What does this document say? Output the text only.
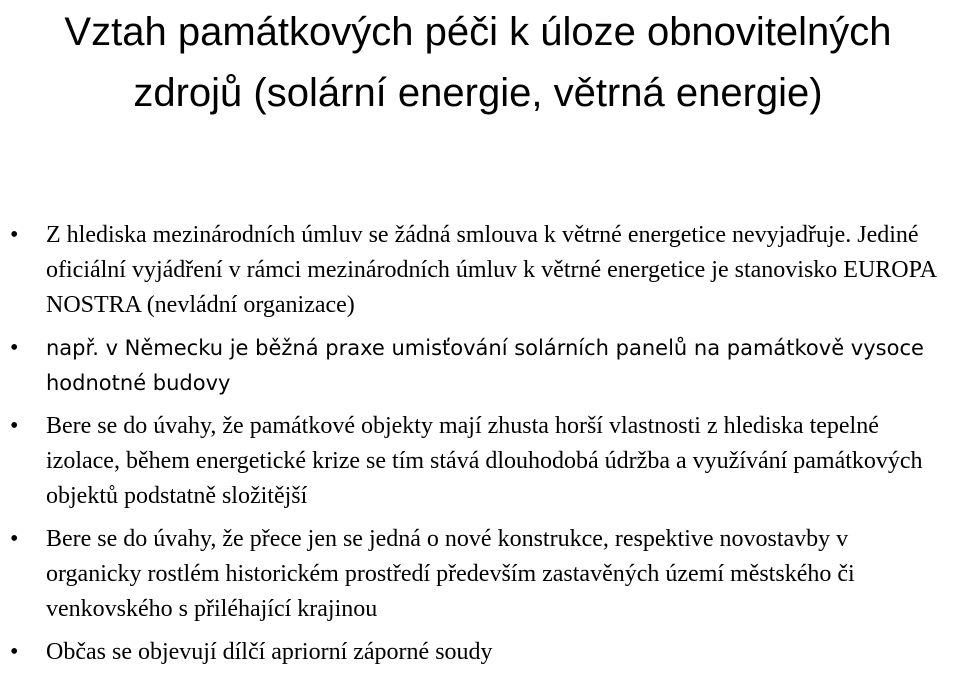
Vztah památkových péči k úloze obnovitelných zdrojů (solární energie, větrná energie)
• Z hlediska mezinárodních úmluv se žádná smlouva k větrné energetice nevyjadřuje. Jediné oficiální vyjádření v rámci mezinárodních úmluv k větrné energetice je stanovisko EUROPA NOSTRA (nevládní organizace)
• např. v Německu je běžná praxe umisťování solárních panelů na památkově vysoce hodnotné budovy
• Bere se do úvahy, že památkové objekty mají zhusta horší vlastnosti z hlediska tepelné izolace, během energetické krize se tím stává dlouhodobá údržba a využívání památkových objektů podstatně složitější
• Bere se do úvahy, že přece jen se jedná o nové konstrukce, respektive novostavby v organicky rostlém historickém prostředí především zastavěných území městského či venkovského s přiléhající krajinou
• Občas se objevují dílčí apriorní záporné soudy
